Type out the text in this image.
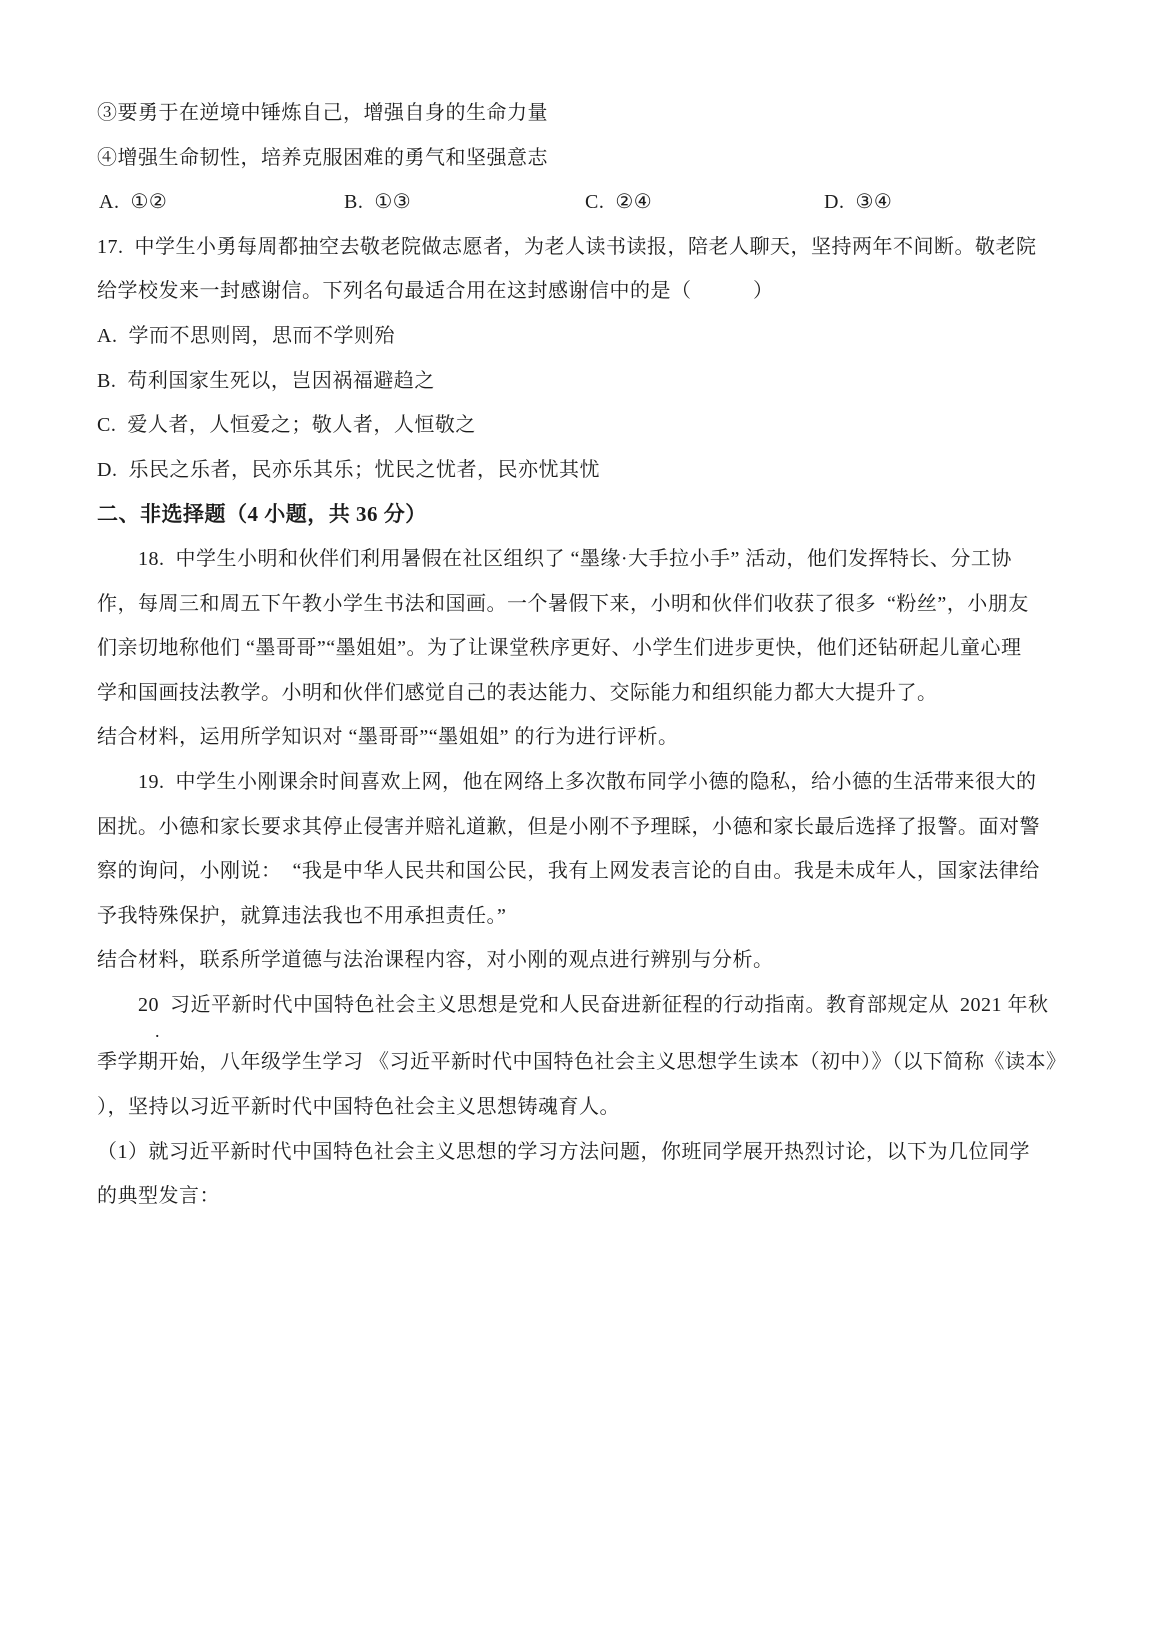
③要勇于在逆境中锤炼自己，增强自身的生命力量
④增强生命韧性，培养克服困难的勇气和坚强意志

A.  ①②

	B.  ①③

	C.  ②④

	D.  ③④

17.  中学生小勇每周都抽空去敬老院做志愿者，为老人读书读报，陪老人聊天，坚持两年不间断。敬老院
给学校发来一封感谢信。下列名句最适合用在这封感谢信中的是（　　　）
A.  学而不思则罔，思而不学则殆
B.  苟利国家生死以，岂因祸福避趋之
C.  爱人者，人恒爱之；敬人者，人恒敬之
D.  乐民之乐者，民亦乐其乐；忧民之忧者，民亦忧其忧
二、非选择题（4 小题，共 36 分）
18.  中学生小明和伙伴们利用暑假在社区组织了 “墨缘·大手拉小手” 活动，他们发挥特长、分工协
作，每周三和周五下午教小学生书法和国画。一个暑假下来，小明和伙伴们收获了很多  “粉丝”，小朋友
们亲切地称他们 “墨哥哥”“墨姐姐”。为了让课堂秩序更好、小学生们进步更快，他们还钻研起儿童心理
学和国画技法教学。小明和伙伴们感觉自己的表达能力、交际能力和组织能力都大大提升了。
结合材料，运用所学知识对 “墨哥哥”“墨姐姐” 的行为进行评析。
19.  中学生小刚课余时间喜欢上网，他在网络上多次散布同学小德的隐私，给小德的生活带来很大的
困扰。小德和家长要求其停止侵害并赔礼道歉，但是小刚不予理睬，小德和家长最后选择了报警。面对警
察的询问，小刚说：  “我是中华人民共和国公民，我有上网发表言论的自由。我是未成年人，国家法律给
予我特殊保护，就算违法我也不用承担责任。”
结合材料，联系所学道德与法治课程内容，对小刚的观点进行辨别与分析。
20  习近平新时代中国特色社会主义思想是党和人民奋进新征程的行动指南。教育部规定从  2021 年秋
.
季学期开始，八年级学生学习 《习近平新时代中国特色社会主义思想学生读本（初中）》（以下简称《读本》
），坚持以习近平新时代中国特色社会主义思想铸魂育人。
（1）就习近平新时代中国特色社会主义思想的学习方法问题，你班同学展开热烈讨论，以下为几位同学
的典型发言：
